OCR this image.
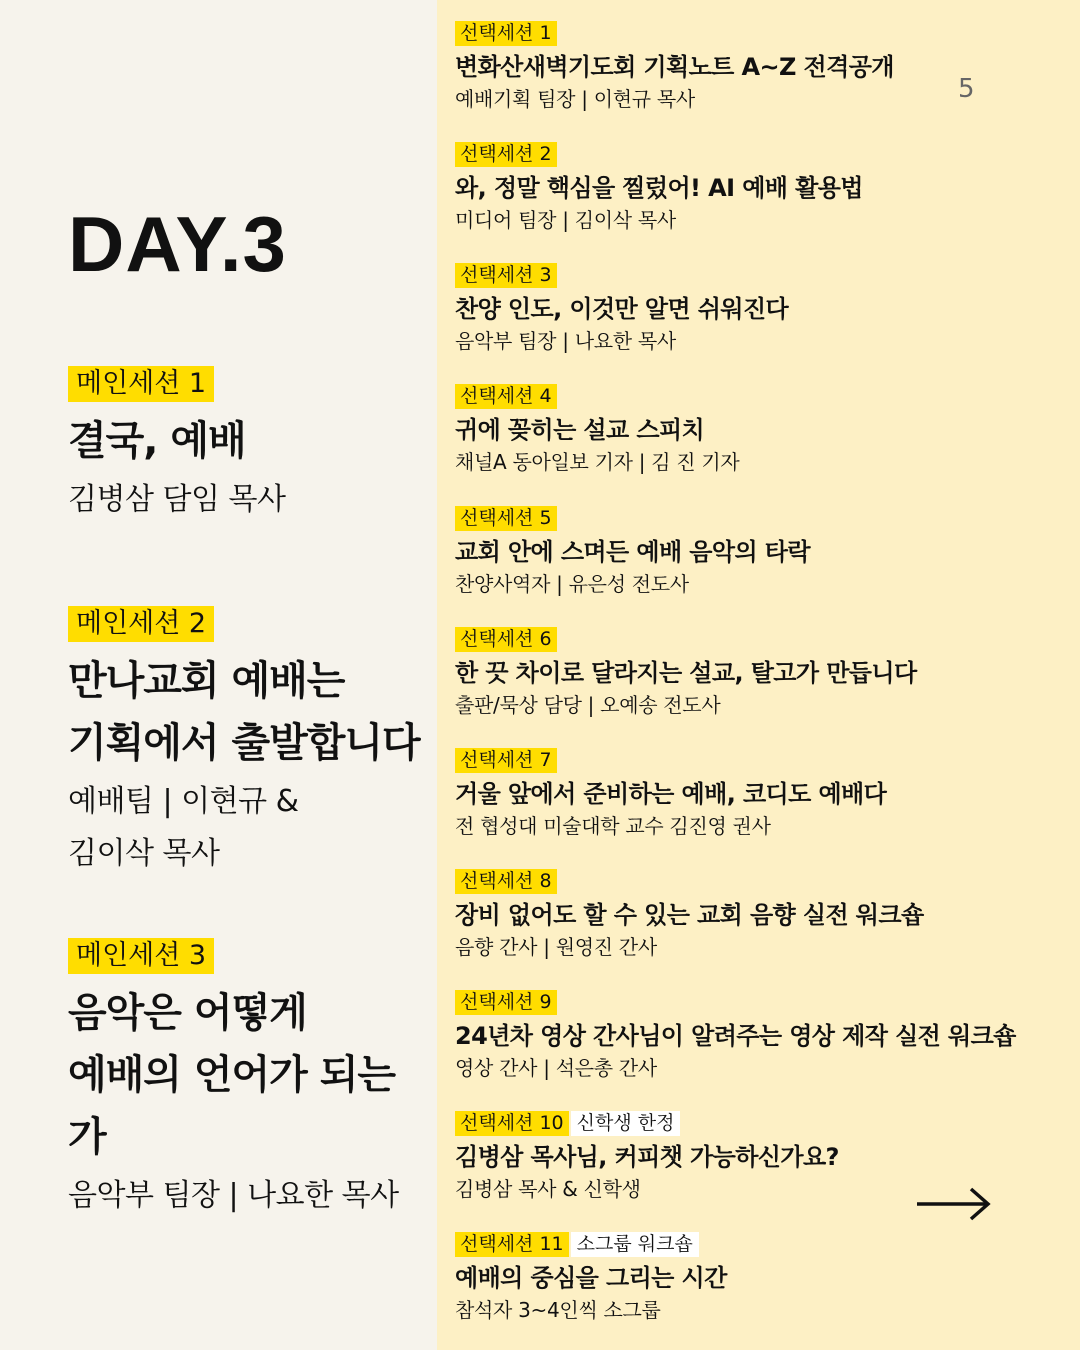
DAY.3
메인세션 1
결국, 예배
김병삼 담임 목사
메인세션 2
만나교회 예배는
기획에서 출발합니다
예배팀 | 이현규 &
김이삭 목사
메인세션 3
음악은 어떻게
예배의 언어가 되는가
음악부 팀장 | 나요한 목사
5
선택세션 1
변화산새벽기도회 기획노트 A~Z 전격공개
예배기획 팀장 | 이현규 목사
선택세션 2
와, 정말 핵심을 찔렀어! AI 예배 활용법
미디어 팀장 | 김이삭 목사
선택세션 3
찬양 인도, 이것만 알면 쉬워진다
음악부 팀장 | 나요한 목사
선택세션 4
귀에 꽂히는 설교 스피치
채널A 동아일보 기자 | 김 진 기자
선택세션 5
교회 안에 스며든 예배 음악의 타락
찬양사역자 | 유은성 전도사
선택세션 6
한 끗 차이로 달라지는 설교, 탈고가 만듭니다
출판/묵상 담당 | 오예송 전도사
선택세션 7
거울 앞에서 준비하는 예배, 코디도 예배다
전 협성대 미술대학 교수 김진영 권사
선택세션 8
장비 없어도 할 수 있는 교회 음향 실전 워크숍
음향 간사 | 원영진 간사
선택세션 9
24년차 영상 간사님이 알려주는 영상 제작 실전 워크숍
영상 간사 | 석은총 간사
선택세션 10 신학생 한정
김병삼 목사님, 커피챗 가능하신가요?
김병삼 목사 & 신학생
선택세션 11 소그룹 워크숍
예배의 중심을 그리는 시간
참석자 3~4인씩 소그룹
